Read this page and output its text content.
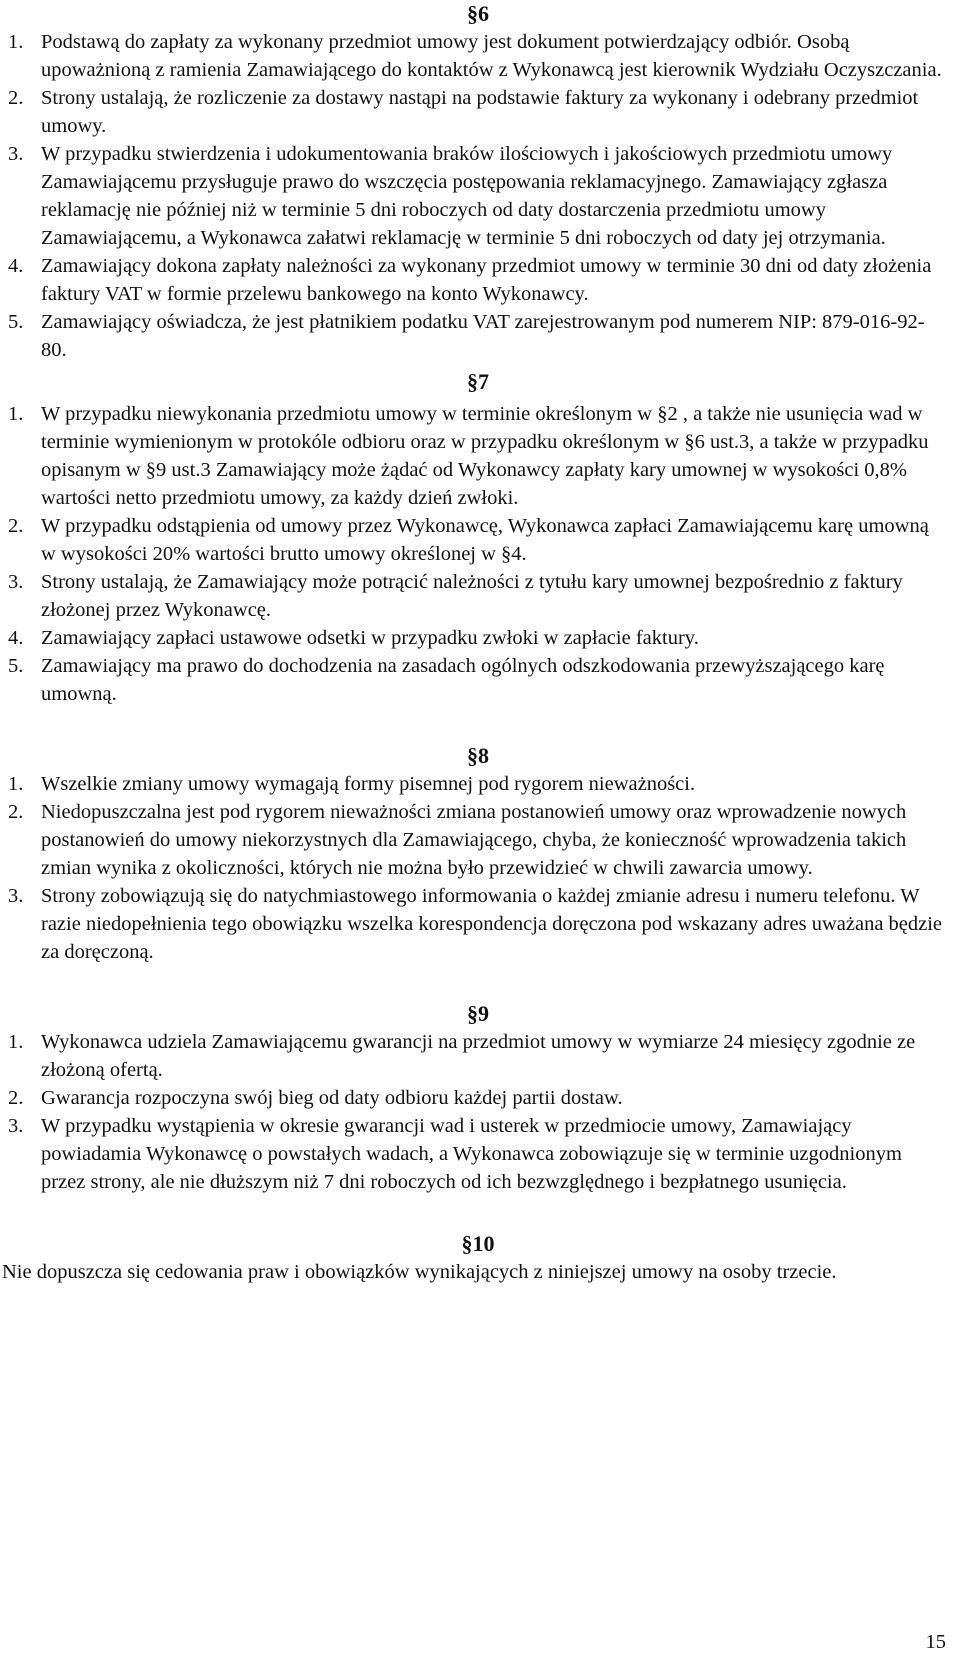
§6
1. Podstawą do zapłaty za wykonany przedmiot umowy jest dokument potwierdzający odbiór. Osobą upoważnioną z ramienia Zamawiającego do kontaktów z Wykonawcą jest kierownik Wydziału Oczyszczania.
2. Strony ustalają, że rozliczenie za dostawy nastąpi na podstawie faktury za wykonany i odebrany przedmiot umowy.
3. W przypadku stwierdzenia i udokumentowania braków ilościowych i jakościowych przedmiotu umowy Zamawiającemu przysługuje prawo do wszczęcia postępowania reklamacyjnego. Zamawiający zgłasza reklamację nie później niż w terminie 5 dni roboczych od daty dostarczenia przedmiotu umowy Zamawiającemu, a Wykonawca załatwi reklamację w terminie 5 dni roboczych od daty jej otrzymania.
4. Zamawiający dokona zapłaty należności za wykonany przedmiot umowy w terminie 30 dni od daty złożenia faktury VAT w formie przelewu bankowego na konto Wykonawcy.
5. Zamawiający oświadcza, że jest płatnikiem podatku VAT zarejestrowanym pod numerem NIP: 879-016-92-80.
§7
1. W przypadku niewykonania przedmiotu umowy w terminie określonym w §2 , a także nie usunięcia wad w terminie wymienionym w protokóle odbioru oraz w przypadku określonym w §6 ust.3, a także w przypadku opisanym w §9 ust.3 Zamawiający może żądać od Wykonawcy zapłaty kary umownej w wysokości 0,8% wartości netto przedmiotu umowy, za każdy dzień zwłoki.
2. W przypadku odstąpienia od umowy przez Wykonawcę, Wykonawca zapłaci Zamawiającemu karę umowną w wysokości 20% wartości brutto umowy określonej w §4.
3. Strony ustalają, że Zamawiający może potrącić należności z tytułu kary umownej bezpośrednio z faktury złożonej przez Wykonawcę.
4. Zamawiający zapłaci ustawowe odsetki w przypadku zwłoki w zapłacie faktury.
5. Zamawiający ma prawo do dochodzenia na zasadach ogólnych odszkodowania przewyższającego karę umowną.
§8
1. Wszelkie zmiany umowy wymagają formy pisemnej pod rygorem nieważności.
2. Niedopuszczalna jest pod rygorem nieważności zmiana postanowień umowy oraz wprowadzenie nowych postanowień do umowy niekorzystnych dla Zamawiającego, chyba, że konieczność wprowadzenia takich zmian wynika z okoliczności, których nie można było przewidzieć w chwili zawarcia umowy.
3. Strony zobowiązują się do natychmiastowego informowania o każdej zmianie adresu i numeru telefonu. W razie niedopełnienia tego obowiązku wszelka korespondencja doręczona pod wskazany adres uważana będzie za doręczoną.
§9
1. Wykonawca udziela Zamawiającemu gwarancji na przedmiot umowy w wymiarze 24 miesięcy zgodnie ze złożoną ofertą.
2. Gwarancja rozpoczyna swój bieg od daty odbioru każdej partii dostaw.
3. W przypadku wystąpienia w okresie gwarancji wad i usterek w przedmiocie umowy, Zamawiający powiadamia Wykonawcę o powstałych wadach, a Wykonawca zobowiązuje się w terminie uzgodnionym przez strony, ale nie dłuższym niż 7 dni roboczych od ich bezwzględnego i bezpłatnego usunięcia.
§10

Nie dopuszcza się cedowania praw i obowiązków wynikających z niniejszej umowy na osoby trzecie.

15
